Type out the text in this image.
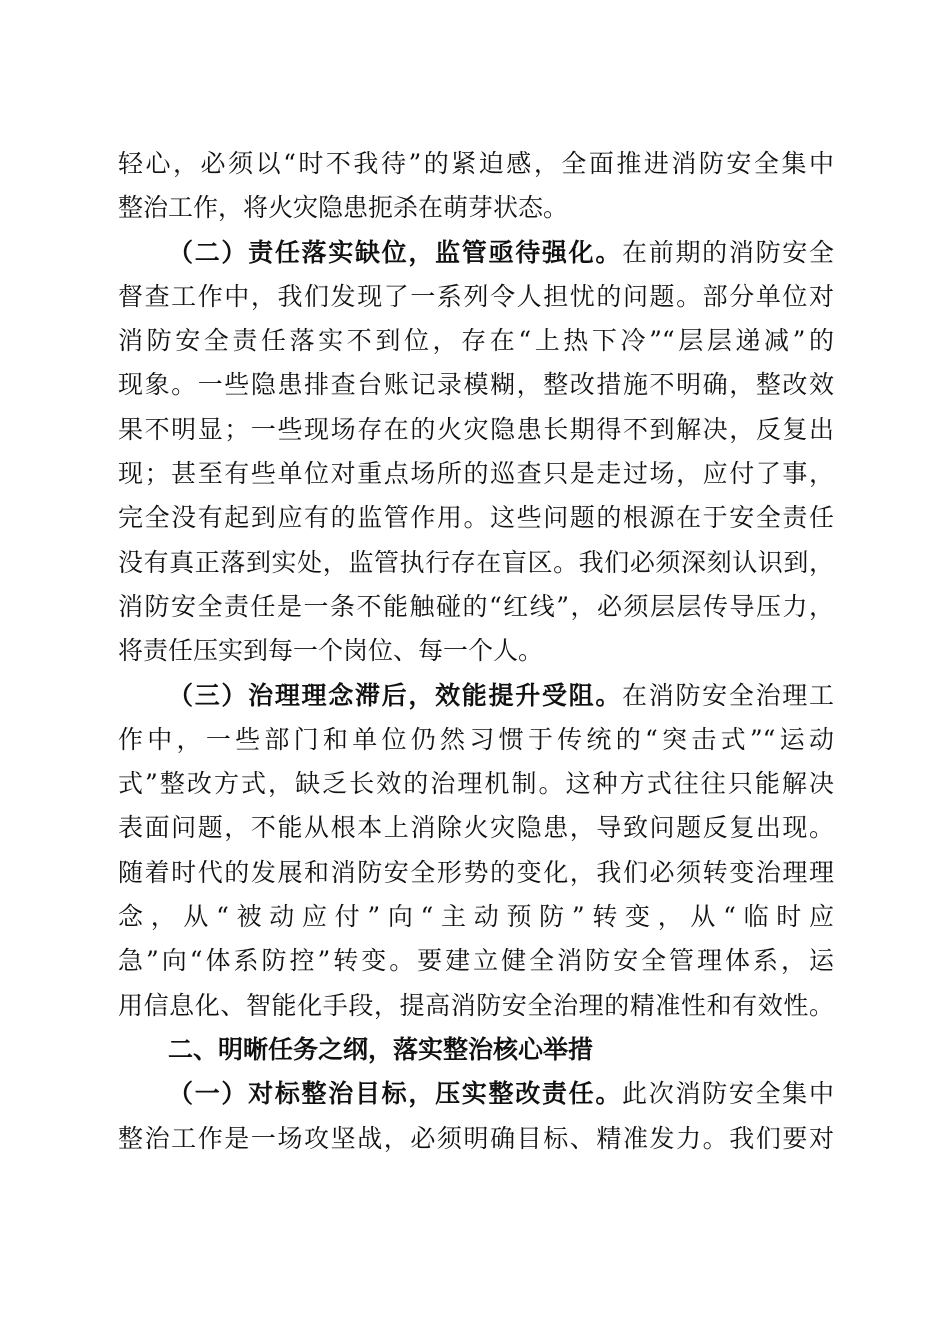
轻心，必须以“时不我待”的紧迫感，全面推进消防安全集中
整治工作，将火灾隐患扼杀在萌芽状态。
（二）责任落实缺位，监管亟待强化。在前期的消防安全
督查工作中，我们发现了一系列令人担忧的问题。部分单位对
消防安全责任落实不到位，存在“上热下冷”“层层递减”的
现象。一些隐患排查台账记录模糊，整改措施不明确，整改效
果不明显；一些现场存在的火灾隐患长期得不到解决，反复出
现；甚至有些单位对重点场所的巡查只是走过场，应付了事，
完全没有起到应有的监管作用。这些问题的根源在于安全责任
没有真正落到实处，监管执行存在盲区。我们必须深刻认识到，
消防安全责任是一条不能触碰的“红线”，必须层层传导压力，
将责任压实到每一个岗位、每一个人。
（三）治理理念滞后，效能提升受阻。在消防安全治理工
作中，一些部门和单位仍然习惯于传统的“突击式”“运动
式”整改方式，缺乏长效的治理机制。这种方式往往只能解决
表面问题，不能从根本上消除火灾隐患，导致问题反复出现。
随着时代的发展和消防安全形势的变化，我们必须转变治理理
念，从“被动应付”向“主动预防”转变，从“临时应
急”向“体系防控”转变。要建立健全消防安全管理体系，运
用信息化、智能化手段，提高消防安全治理的精准性和有效性。
二、明晰任务之纲，落实整治核心举措
（一）对标整治目标，压实整改责任。此次消防安全集中
整治工作是一场攻坚战，必须明确目标、精准发力。我们要对
